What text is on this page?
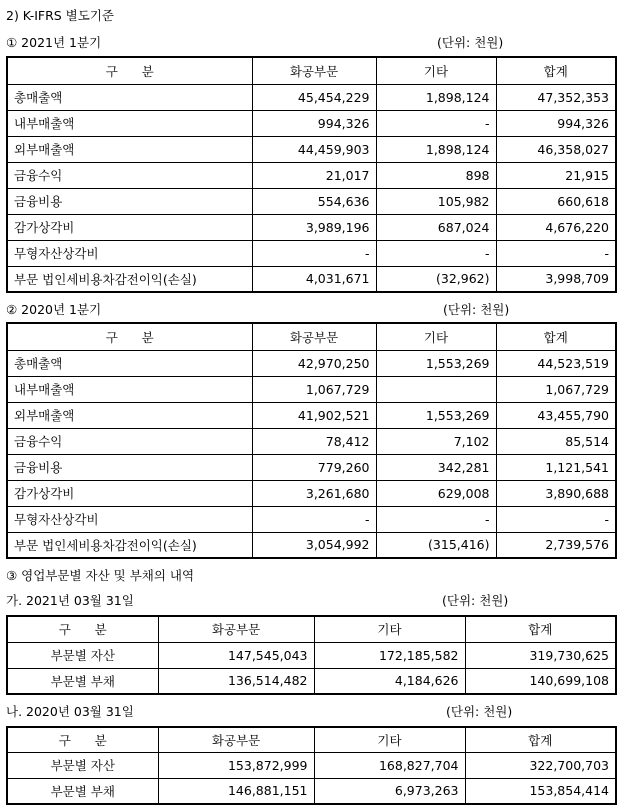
2) K-IFRS 별도기준
① 2021년 1분기	(단위: 천원)
구      분	화공부문	기타	합계
총매출액	45,454,229	1,898,124	47,352,353
내부매출액	994,326	-	994,326
외부매출액	44,459,903	1,898,124	46,358,027
금융수익	21,017	898	21,915
금융비용	554,636	105,982	660,618
감가상각비	3,989,196	687,024	4,676,220
무형자산상각비	-	-	-
부문 법인세비용차감전이익(손실)	4,031,671	(32,962)	3,998,709
② 2020년 1분기	(단위: 천원)
구      분	화공부문	기타	합계
총매출액	42,970,250	1,553,269	44,523,519
내부매출액	1,067,729		1,067,729
외부매출액	41,902,521	1,553,269	43,455,790
금융수익	78,412	7,102	85,514
금융비용	779,260	342,281	1,121,541
감가상각비	3,261,680	629,008	3,890,688
무형자산상각비	-	-	-
부문 법인세비용차감전이익(손실)	3,054,992	(315,416)	2,739,576
③ 영업부문별 자산 및 부채의 내역
가. 2021년 03월 31일	(단위: 천원)
구      분	화공부문	기타	합계
부문별 자산	147,545,043	172,185,582	319,730,625
부문별 부채	136,514,482	4,184,626	140,699,108
나. 2020년 03월 31일	(단위: 천원)
구      분	화공부문	기타	합계
부문별 자산	153,872,999	168,827,704	322,700,703
부문별 부채	146,881,151	6,973,263	153,854,414
